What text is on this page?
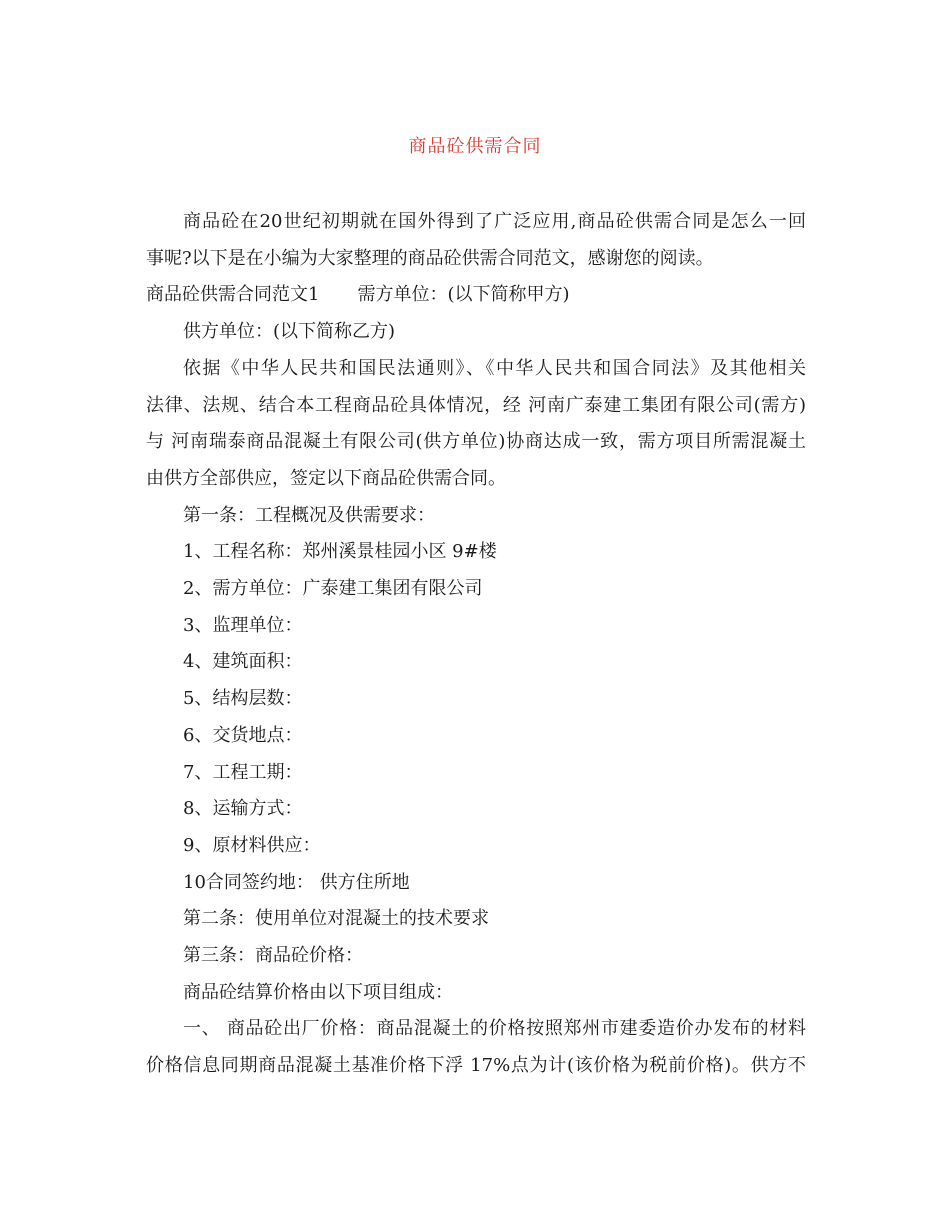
商品砼供需合同

商品砼在20世纪初期就在国外得到了广泛应用,商品砼供需合同是怎么一回

事呢?以下是在小编为大家整理的商品砼供需合同范文，感谢您的阅读。

商品砼供需合同范文1 需方单位：(以下简称甲方)

供方单位：(以下简称乙方)

依据《中华人民共和国民法通则》、《中华人民共和国合同法》及其他相关

法律、法规、结合本工程商品砼具体情况，经 河南广泰建工集团有限公司(需方)

与 河南瑞泰商品混凝土有限公司(供方单位)协商达成一致，需方项目所需混凝土

由供方全部供应，签定以下商品砼供需合同。

第一条：工程概况及供需要求：

1、工程名称：郑州溪景桂园小区 9#楼

2、需方单位：广泰建工集团有限公司

3、监理单位：

4、建筑面积：

5、结构层数：

6、交货地点：

7、工程工期：

8、运输方式：

9、原材料供应：

10合同签约地： 供方住所地

第二条：使用单位对混凝土的技术要求

第三条：商品砼价格：

商品砼结算价格由以下项目组成：

一、 商品砼出厂价格：商品混凝土的价格按照郑州市建委造价办发布的材料

价格信息同期商品混凝土基准价格下浮 17%点为计(该价格为税前价格)。供方不
